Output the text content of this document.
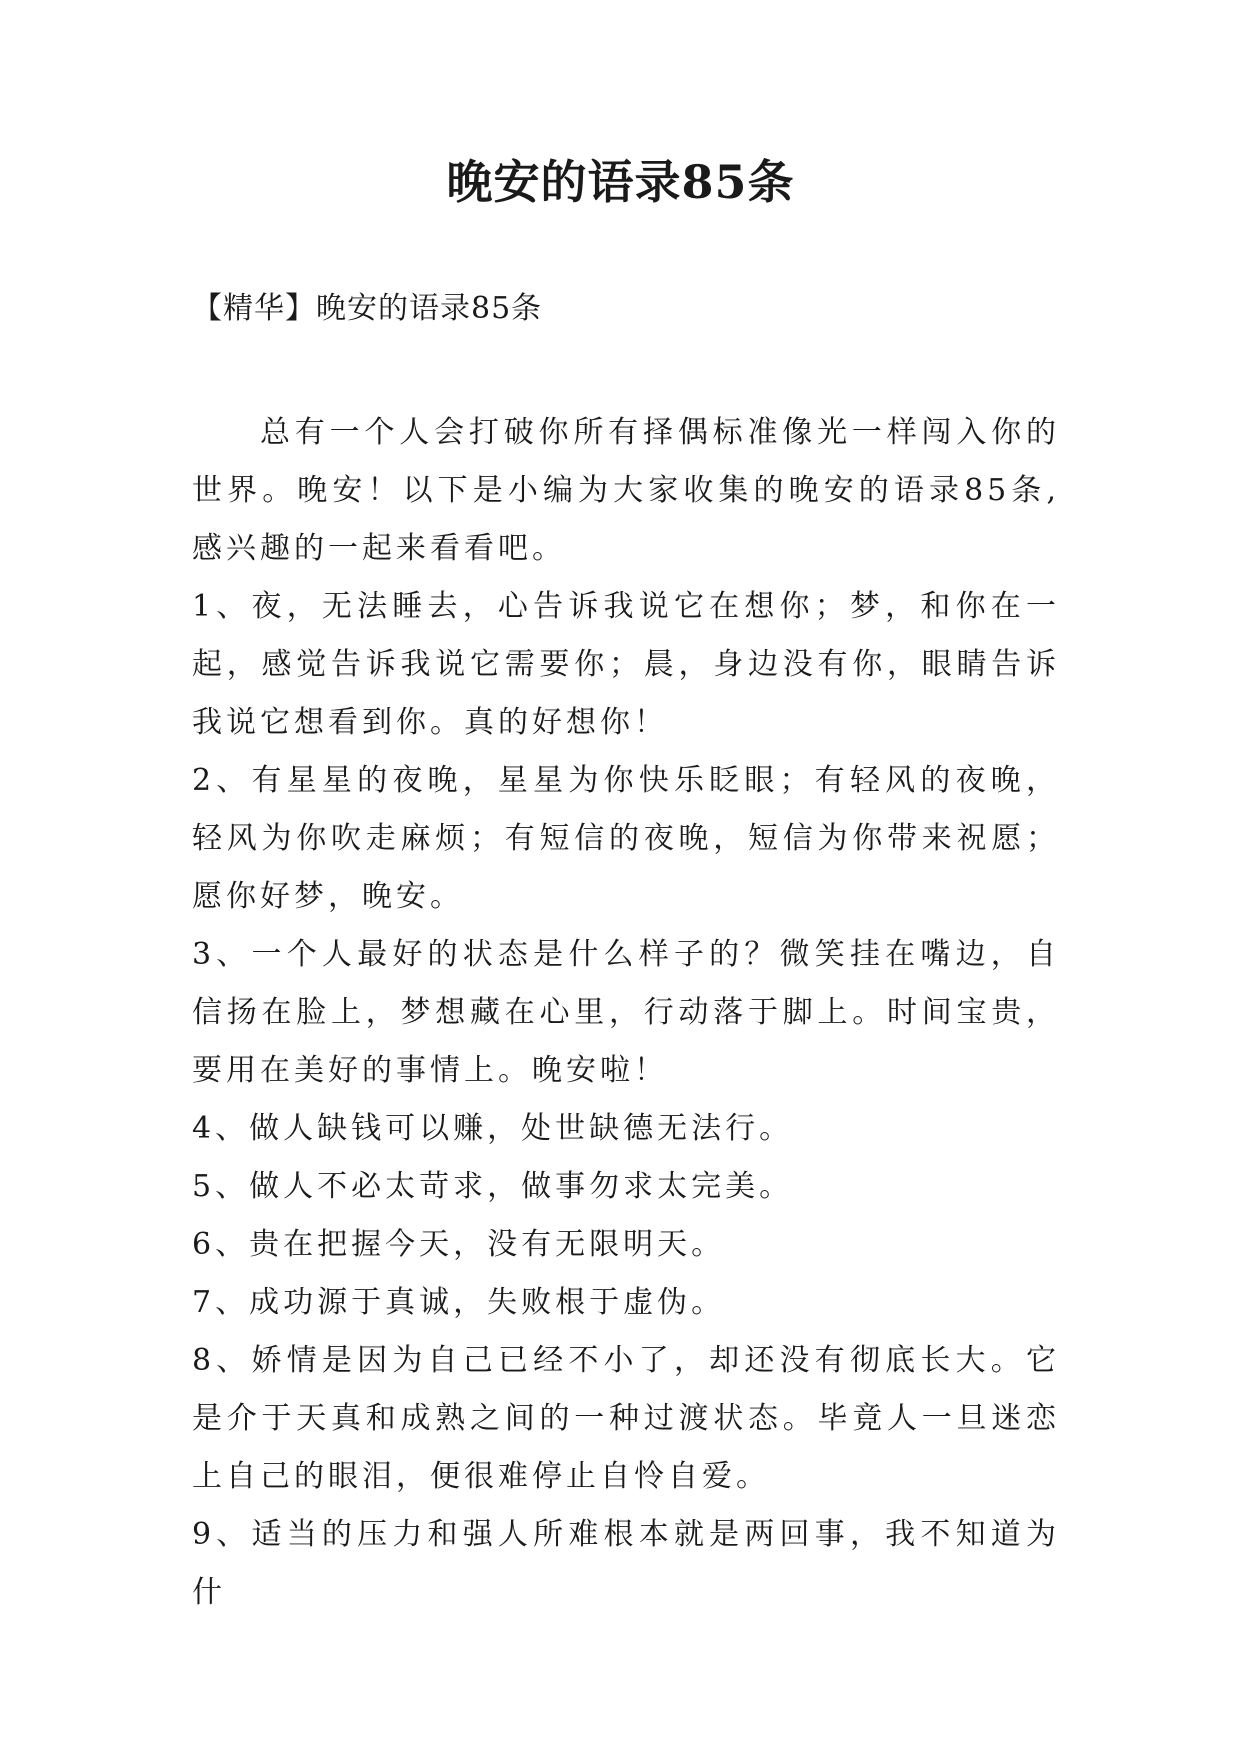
晚安的语录85条
【精华】晚安的语录85条

总有一个人会打破你所有择偶标准像光一样闯入你的世界。晚安！以下是小编为大家收集的晚安的语录85条,感兴趣的一起来看看吧。

1、夜，无法睡去，心告诉我说它在想你；梦，和你在一起，感觉告诉我说它需要你；晨，身边没有你，眼睛告诉我说它想看到你。真的好想你！

2、有星星的夜晚，星星为你快乐眨眼；有轻风的夜晚，轻风为你吹走麻烦；有短信的夜晚，短信为你带来祝愿；愿你好梦，晚安。

3、一个人最好的状态是什么样子的？微笑挂在嘴边，自信扬在脸上，梦想藏在心里，行动落于脚上。时间宝贵，要用在美好的事情上。晚安啦！

4、做人缺钱可以赚，处世缺德无法行。

5、做人不必太苛求，做事勿求太完美。

6、贵在把握今天，没有无限明天。

7、成功源于真诚，失败根于虚伪。

8、娇情是因为自己已经不小了，却还没有彻底长大。它是介于天真和成熟之间的一种过渡状态。毕竟人一旦迷恋上自己的眼泪，便很难停止自怜自爱。

9、适当的压力和强人所难根本就是两回事，我不知道为什
